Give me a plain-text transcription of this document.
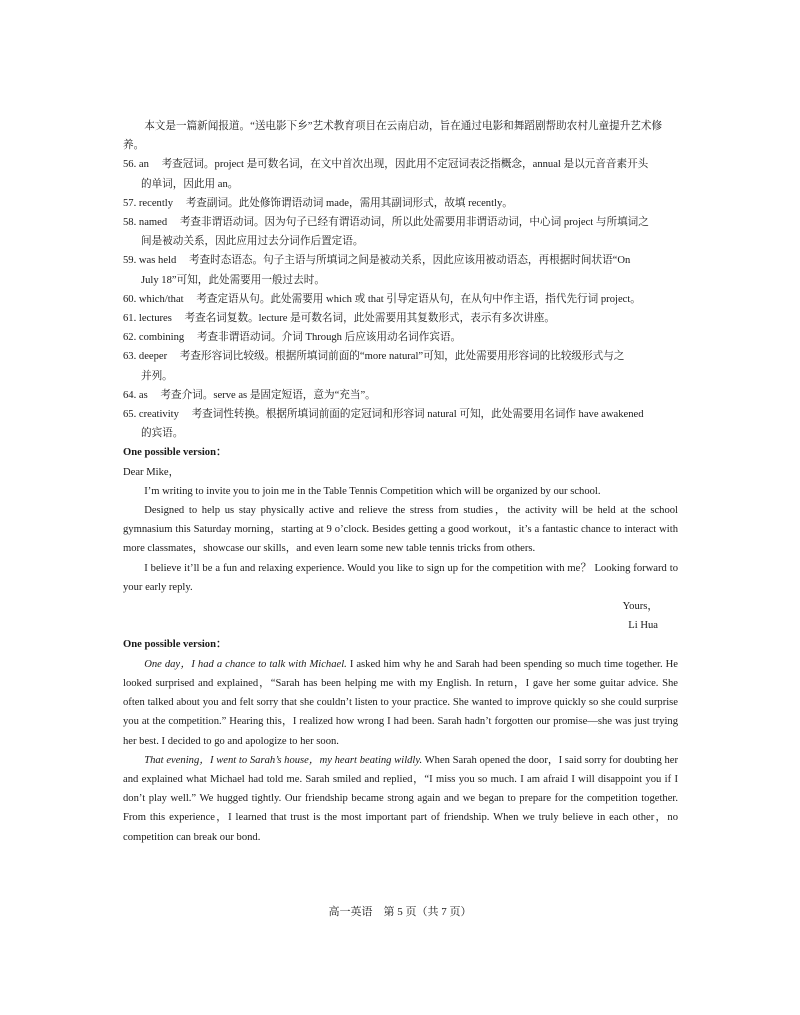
本文是一篇新闻报道。“送电影下乡”艺术教育项目在云南启动，旨在通过电影和舞蹈剧帮助农村儿童提升艺术修养。

56. an 考查冠词。project 是可数名词，在文中首次出现，因此用不定冠词表泛指概念，annual 是以元音音素开头
的单词，因此用 an。
57. recently 考查副词。此处修饰谓语动词 made，需用其副词形式，故填 recently。
58. named 考查非谓语动词。因为句子已经有谓语动词，所以此处需要用非谓语动词，中心词 project 与所填词之
间是被动关系，因此应用过去分词作后置定语。
59. was held 考查时态语态。句子主语与所填词之间是被动关系，因此应该用被动语态，再根据时间状语“On
July 18”可知，此处需要用一般过去时。
60. which/that 考查定语从句。此处需要用 which 或 that 引导定语从句，在从句中作主语，指代先行词 project。
61. lectures 考查名词复数。lecture 是可数名词，此处需要用其复数形式，表示有多次讲座。
62. combining 考查非谓语动词。介词 Through 后应该用动名词作宾语。
63. deeper 考查形容词比较级。根据所填词前面的“more natural”可知，此处需要用形容词的比较级形式与之
并列。
64. as 考查介词。serve as 是固定短语，意为“充当”。
65. creativity 考查词性转换。根据所填词前面的定冠词和形容词 natural 可知，此处需要用名词作 have awakened
的宾语。

One possible version：

Dear Mike，

I’m writing to invite you to join me in the Table Tennis Competition which will be organized by our school.

Designed to help us stay physically active and relieve the stress from studies，the activity will be held at the school gymnasium this Saturday morning，starting at 9 o’clock. Besides getting a good workout，it’s a fantastic chance to interact with more classmates，showcase our skills，and even learn some new table tennis tricks from others.

I believe it’ll be a fun and relaxing experience. Would you like to sign up for the competition with me？ Looking forward to your early reply.

Yours，

Li Hua

One possible version：

One day，I had a chance to talk with Michael. I asked him why he and Sarah had been spending so much time together. He looked surprised and explained，“Sarah has been helping me with my English. In return，I gave her some guitar advice. She often talked about you and felt sorry that she couldn’t listen to your practice. She wanted to improve quickly so she could surprise you at the competition.” Hearing this，I realized how wrong I had been. Sarah hadn’t forgotten our promise—she was just trying her best. I decided to go and apologize to her soon.

That evening，I went to Sarah’s house，my heart beating wildly. When Sarah opened the door，I said sorry for doubting her and explained what Michael had told me. Sarah smiled and replied，“I miss you so much. I am afraid I will disappoint you if I don’t play well.” We hugged tightly. Our friendship became strong again and we began to prepare for the competition together. From this experience，I learned that trust is the most important part of friendship. When we truly believe in each other，no competition can break our bond.

高一英语　第 5 页（共 7 页）
